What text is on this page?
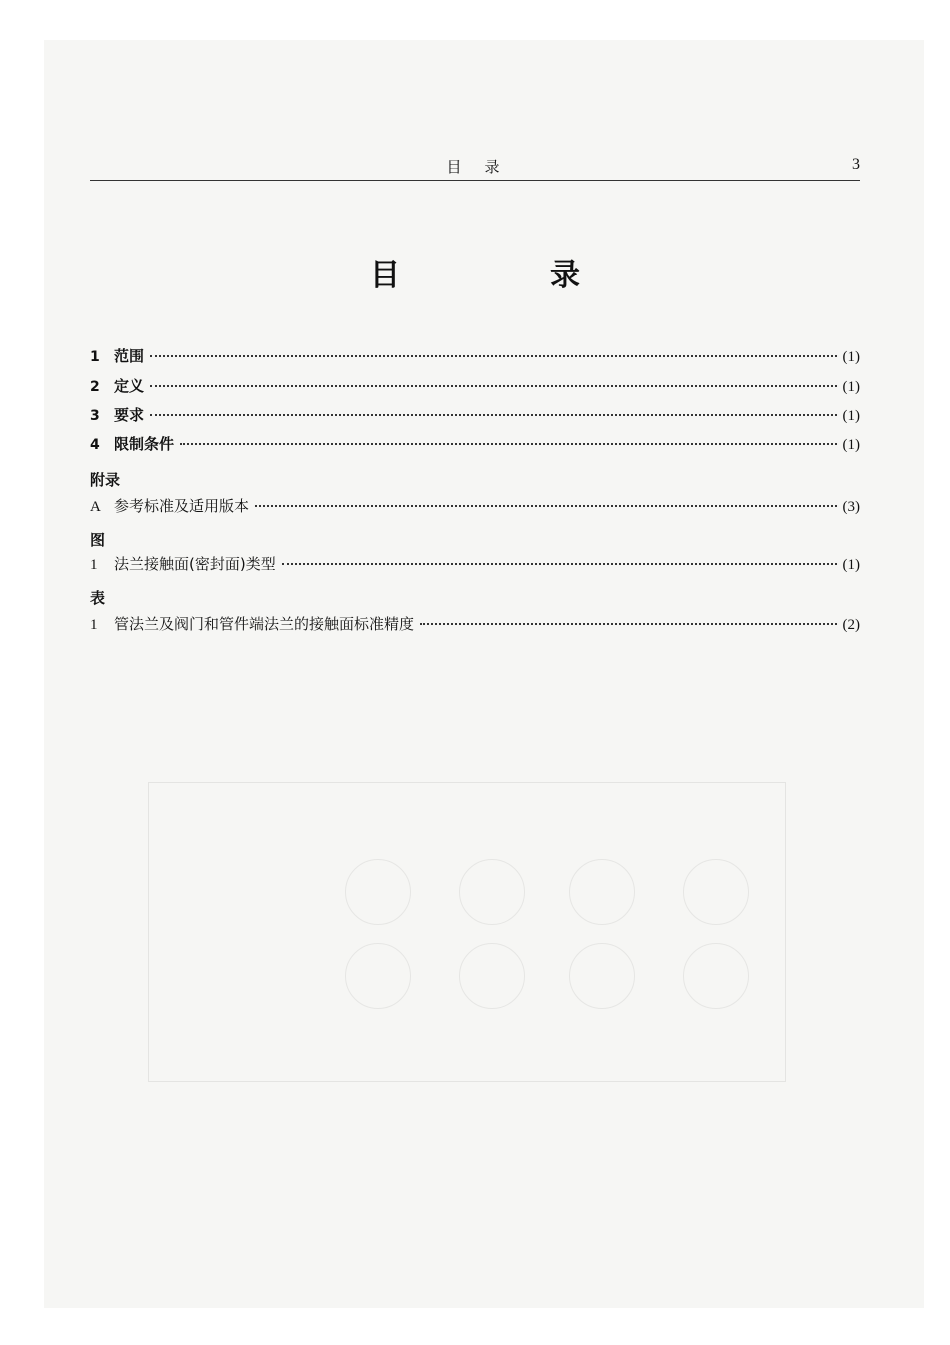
目　录	3
目　录
1 范围	(1)
2 定义	(1)
3 要求	(1)
4 限制条件	(1)
附录
A 参考标准及适用版本	(3)
图
1	法兰接触面(密封面)类型	(1)
表
1	管法兰及阀门和管件端法兰的接触面标准精度	(2)
